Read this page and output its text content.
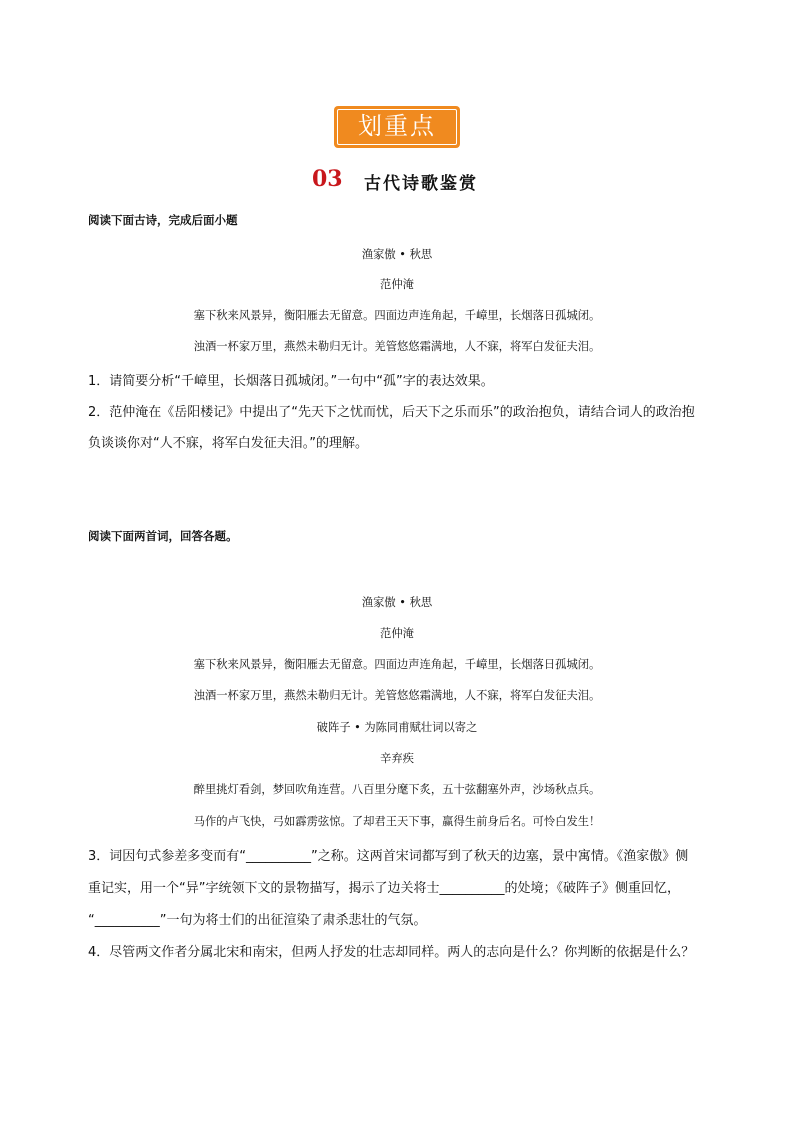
划重点
03 古代诗歌鉴赏
阅读下面古诗，完成后面小题
渔家傲 • 秋思
范仲淹
塞下秋来风景异，衡阳雁去无留意。四面边声连角起，千嶂里，长烟落日孤城闭。
浊酒一杯家万里，燕然未勒归无计。羌管悠悠霜满地，人不寐，将军白发征夫泪。
1．请简要分析“千嶂里，长烟落日孤城闭。”一句中“孤”字的表达效果。
2．范仲淹在《岳阳楼记》中提出了“先天下之忧而忧，后天下之乐而乐”的政治抱负，请结合词人的政治抱
负谈谈你对“人不寐，将军白发征夫泪。”的理解。
阅读下面两首词，回答各题。
渔家傲 • 秋思
范仲淹
塞下秋来风景异，衡阳雁去无留意。四面边声连角起，千嶂里，长烟落日孤城闭。
浊酒一杯家万里，燕然未勒归无计。羌管悠悠霜满地，人不寐，将军白发征夫泪。
破阵子 • 为陈同甫赋壮词以寄之
辛弃疾
醉里挑灯看剑，梦回吹角连营。八百里分麾下炙，五十弦翻塞外声，沙场秋点兵。
马作的卢飞快，弓如霹雳弦惊。了却君王天下事，赢得生前身后名。可怜白发生！
3．词因句式参差多变而有“__________”之称。这两首宋词都写到了秋天的边塞，景中寓情。《渔家傲》侧
重记实，用一个“异”字统领下文的景物描写，揭示了边关将士__________的处境；《破阵子》侧重回忆，
“__________”一句为将士们的出征渲染了肃杀悲壮的气氛。
4．尽管两文作者分属北宋和南宋，但两人抒发的壮志却同样。两人的志向是什么？你判断的依据是什么？
